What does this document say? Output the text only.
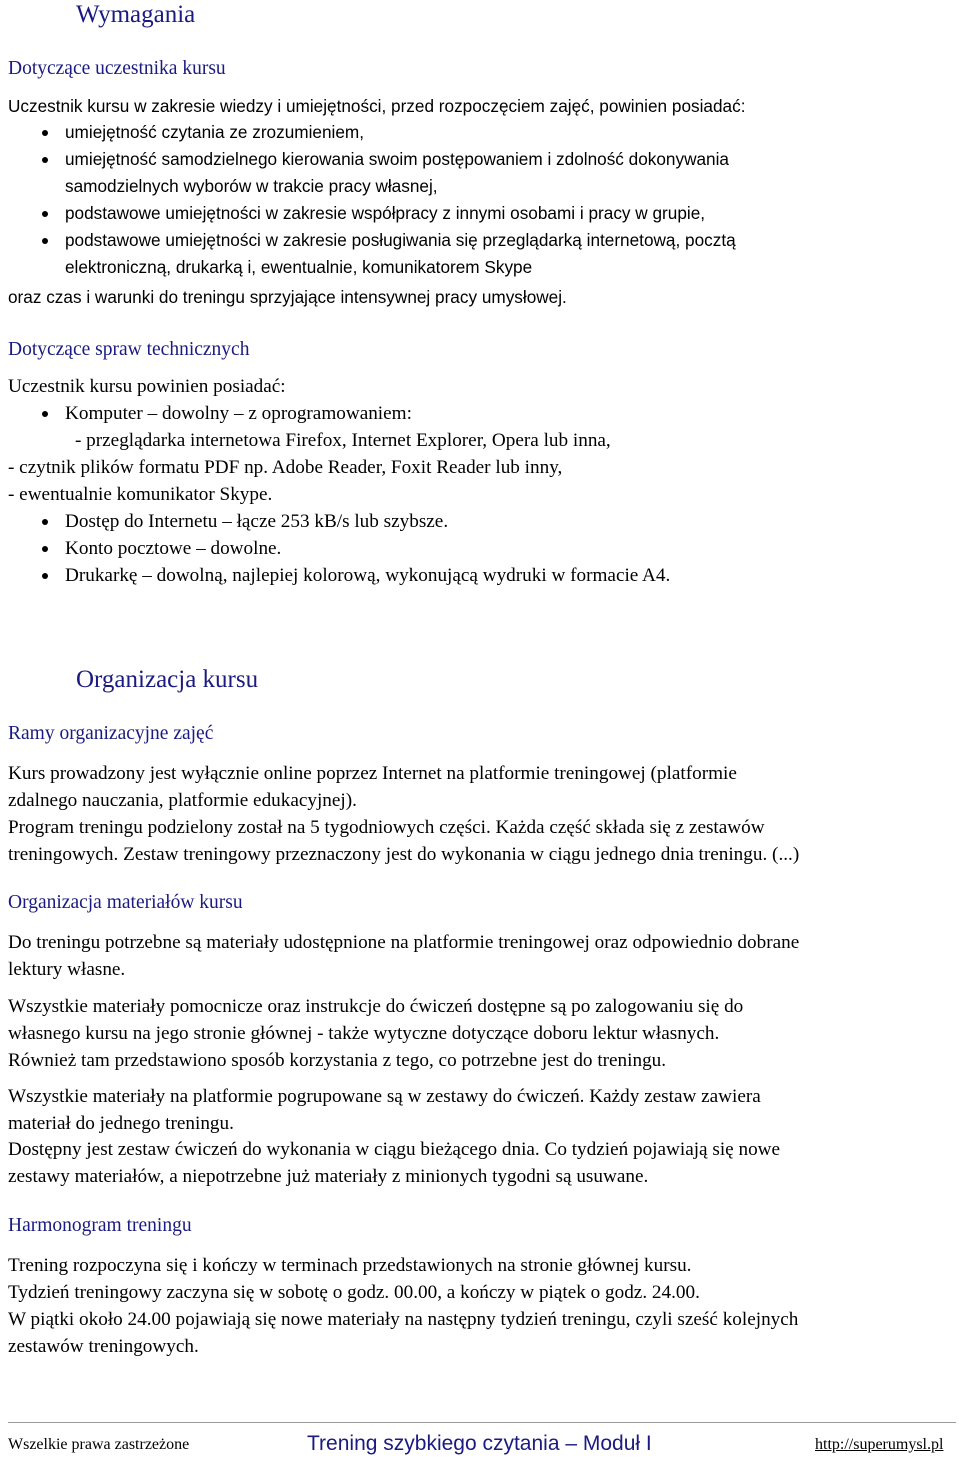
Wymagania
Dotyczące uczestnika kursu
Uczestnik kursu w zakresie wiedzy i umiejętności, przed rozpoczęciem zajęć, powinien posiadać:
umiejętność czytania ze zrozumieniem,
umiejętność samodzielnego kierowania swoim postępowaniem i zdolność dokonywania
samodzielnych wyborów w trakcie pracy własnej,
podstawowe umiejętności w zakresie współpracy z innymi osobami i pracy w grupie,
podstawowe umiejętności w zakresie posługiwania się przeglądarką internetową, pocztą
elektroniczną, drukarką i, ewentualnie, komunikatorem Skype
oraz czas i warunki do treningu sprzyjające intensywnej pracy umysłowej.
Dotyczące spraw technicznych
Uczestnik kursu powinien posiadać:
Komputer – dowolny – z oprogramowaniem:
- przeglądarka internetowa Firefox, Internet Explorer, Opera lub inna,
- czytnik plików formatu PDF np. Adobe Reader, Foxit Reader lub inny,
- ewentualnie komunikator Skype.
Dostęp do Internetu – łącze 253 kB/s lub szybsze.
Konto pocztowe – dowolne.
Drukarkę – dowolną, najlepiej kolorową, wykonującą wydruki w formacie A4.
Organizacja kursu
Ramy organizacyjne zajęć
Kurs prowadzony jest wyłącznie online poprzez Internet na platformie treningowej (platformie
zdalnego nauczania, platformie edukacyjnej).
Program treningu podzielony został na 5 tygodniowych części. Każda część składa się z zestawów
treningowych. Zestaw treningowy przeznaczony jest do wykonania w ciągu jednego dnia treningu. (...)
Organizacja materiałów kursu
Do treningu potrzebne są materiały udostępnione na platformie treningowej oraz odpowiednio dobrane
lektury własne.
Wszystkie materiały pomocnicze oraz instrukcje do ćwiczeń dostępne są po zalogowaniu się do
własnego kursu na jego stronie głównej - także wytyczne dotyczące doboru lektur własnych.
Również tam przedstawiono sposób korzystania z tego, co potrzebne jest do treningu.
Wszystkie materiały na platformie pogrupowane są w zestawy do ćwiczeń. Każdy zestaw zawiera
materiał do jednego treningu.
Dostępny jest zestaw ćwiczeń do wykonania w ciągu bieżącego dnia. Co tydzień pojawiają się nowe
zestawy materiałów, a niepotrzebne już materiały z minionych tygodni są usuwane.
Harmonogram treningu
Trening rozpoczyna się i kończy w terminach przedstawionych na stronie głównej kursu.
Tydzień treningowy zaczyna się w sobotę o godz. 00.00, a kończy w piątek o godz. 24.00.
W piątki około 24.00 pojawiają się nowe materiały na następny tydzień treningu, czyli sześć kolejnych
zestawów treningowych.
Wszelkie prawa zastrzeżone	Trening szybkiego czytania – Moduł I	http://superumysl.pl
